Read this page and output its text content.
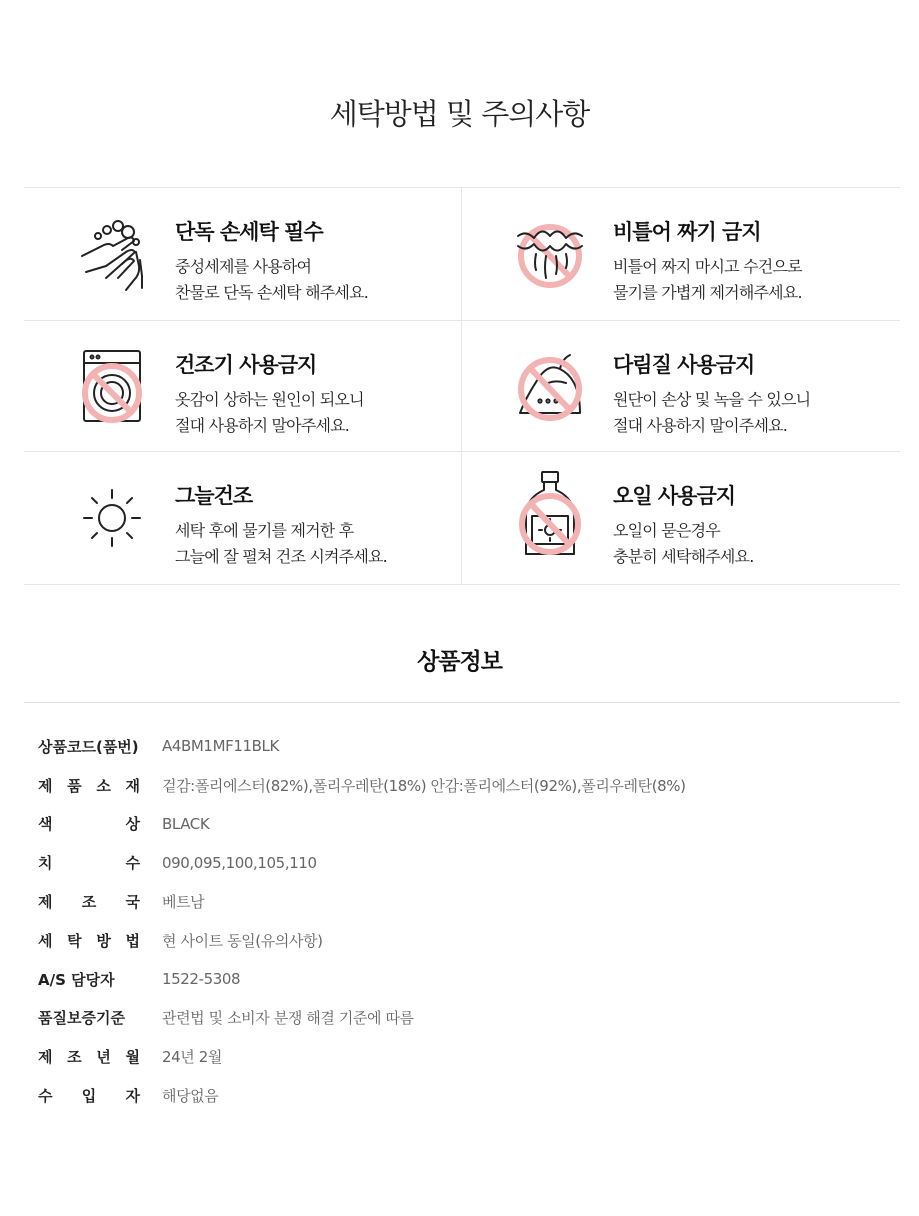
세탁방법 및 주의사항
단독 손세탁 필수
중성세제를 사용하여
찬물로 단독 손세탁 해주세요.
비틀어 짜기 금지
비틀어 짜지 마시고 수건으로
물기를 가볍게 제거해주세요.
건조기 사용금지
옷감이 상하는 원인이 되오니
절대 사용하지 말아주세요.
다림질 사용금지
원단이 손상 및 녹을 수 있으니
절대 사용하지 말이주세요.
그늘건조
세탁 후에 물기를 제거한 후
그늘에 잘 펼쳐 건조 시켜주세요.
오일 사용금지
오일이 묻은경우
충분히 세탁해주세요.
상품정보
상품코드(품번) A4BM1MF11BLK
제 품 소 재 겉감:폴리에스터(82%),폴리우레탄(18%) 안감:폴리에스터(92%),폴리우레탄(8%)
색	상 BLACK
치	수 090,095,100,105,110
제 조 국 베트남
세 탁 방 법 현 사이트 동일(유의사항)
A/S 담당자	1522-5308
품질보증기준	관련법 및 소비자 분쟁 해결 기준에 따름
제 조 년 월 24년 2월
수 입 자 해당없음
